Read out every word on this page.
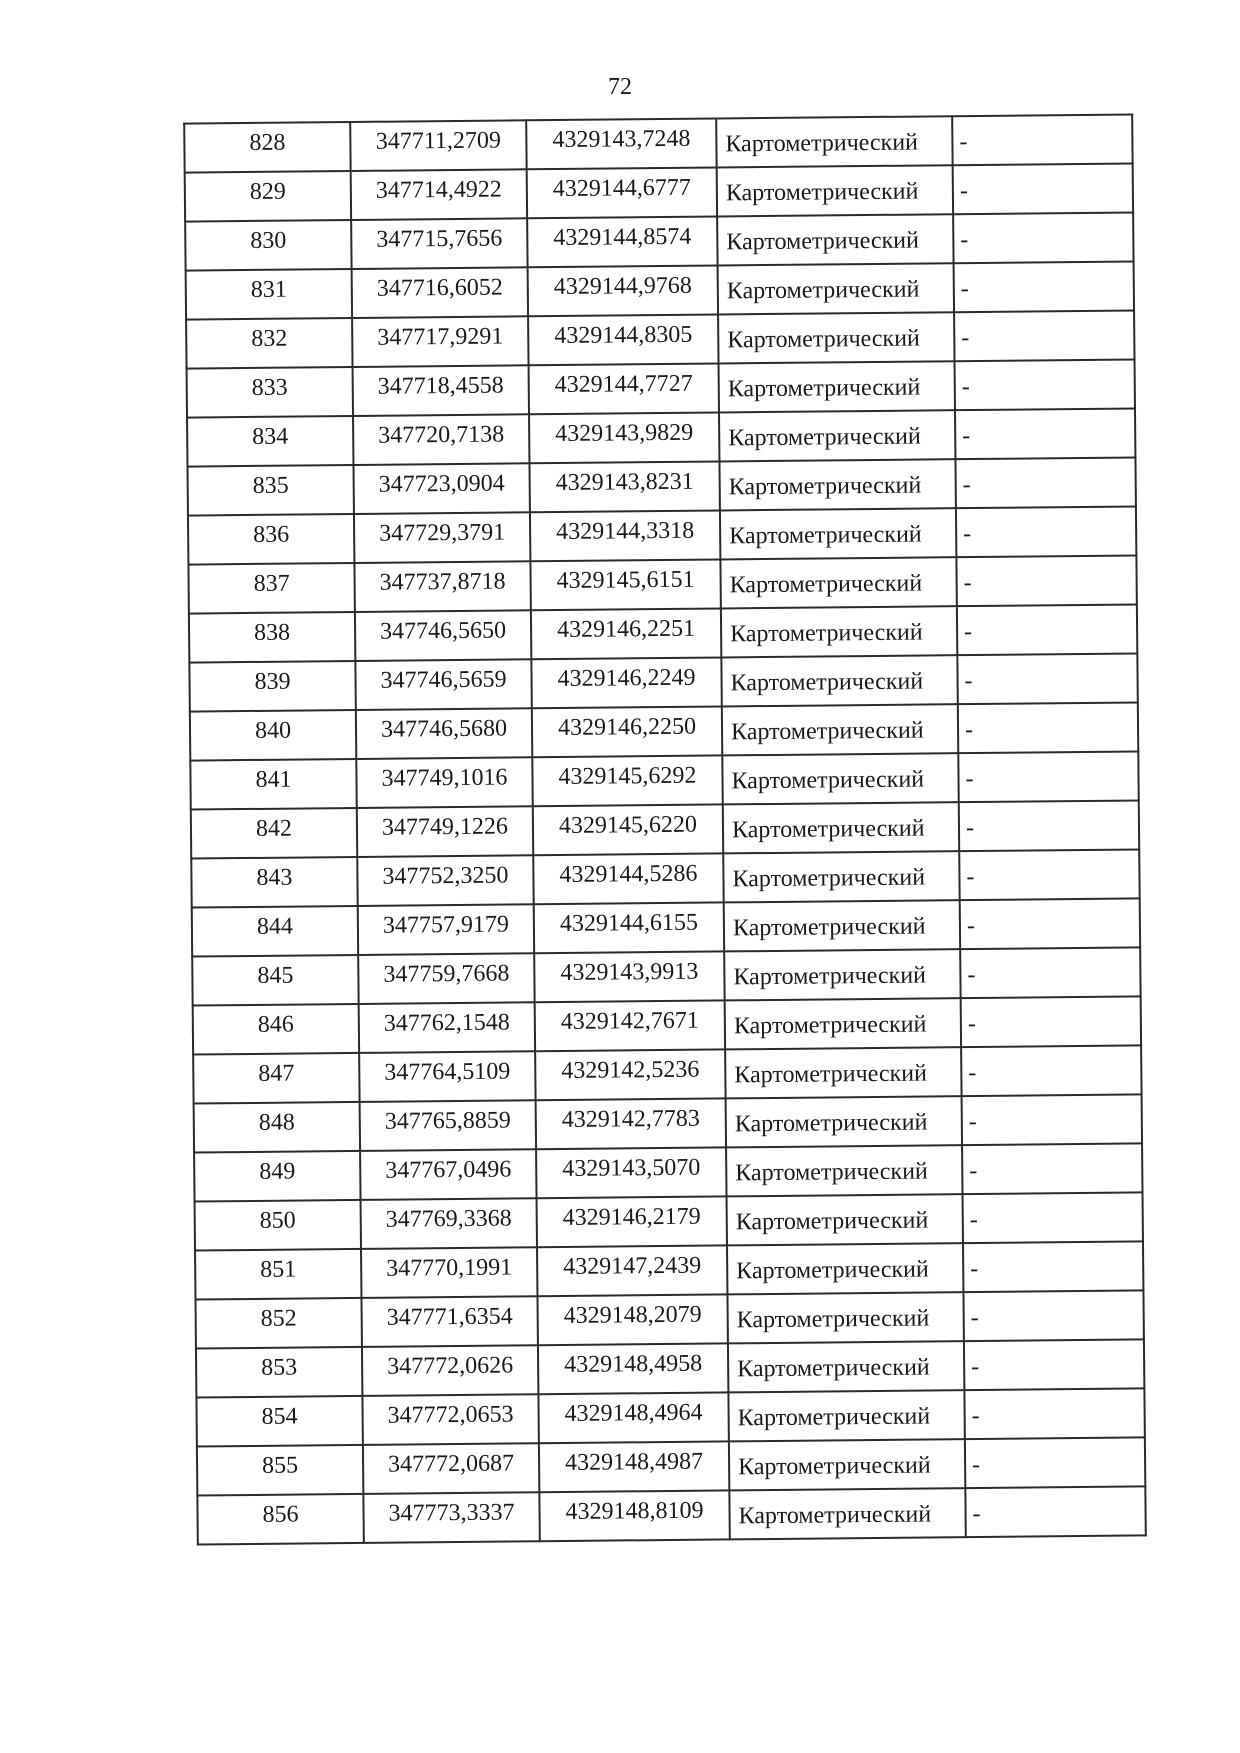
72
828	347711,2709	4329143,7248	Картометрический	-
829	347714,4922	4329144,6777	Картометрический	-
830	347715,7656	4329144,8574	Картометрический	-
831	347716,6052	4329144,9768	Картометрический	-
832	347717,9291	4329144,8305	Картометрический	-
833	347718,4558	4329144,7727	Картометрический	-
834	347720,7138	4329143,9829	Картометрический	-
835	347723,0904	4329143,8231	Картометрический	-
836	347729,3791	4329144,3318	Картометрический	-
837	347737,8718	4329145,6151	Картометрический	-
838	347746,5650	4329146,2251	Картометрический	-
839	347746,5659	4329146,2249	Картометрический	-
840	347746,5680	4329146,2250	Картометрический	-
841	347749,1016	4329145,6292	Картометрический	-
842	347749,1226	4329145,6220	Картометрический	-
843	347752,3250	4329144,5286	Картометрический	-
844	347757,9179	4329144,6155	Картометрический	-
845	347759,7668	4329143,9913	Картометрический	-
846	347762,1548	4329142,7671	Картометрический	-
847	347764,5109	4329142,5236	Картометрический	-
848	347765,8859	4329142,7783	Картометрический	-
849	347767,0496	4329143,5070	Картометрический	-
850	347769,3368	4329146,2179	Картометрический	-
851	347770,1991	4329147,2439	Картометрический	-
852	347771,6354	4329148,2079	Картометрический	-
853	347772,0626	4329148,4958	Картометрический	-
854	347772,0653	4329148,4964	Картометрический	-
855	347772,0687	4329148,4987	Картометрический	-
856	347773,3337	4329148,8109	Картометрический	-
